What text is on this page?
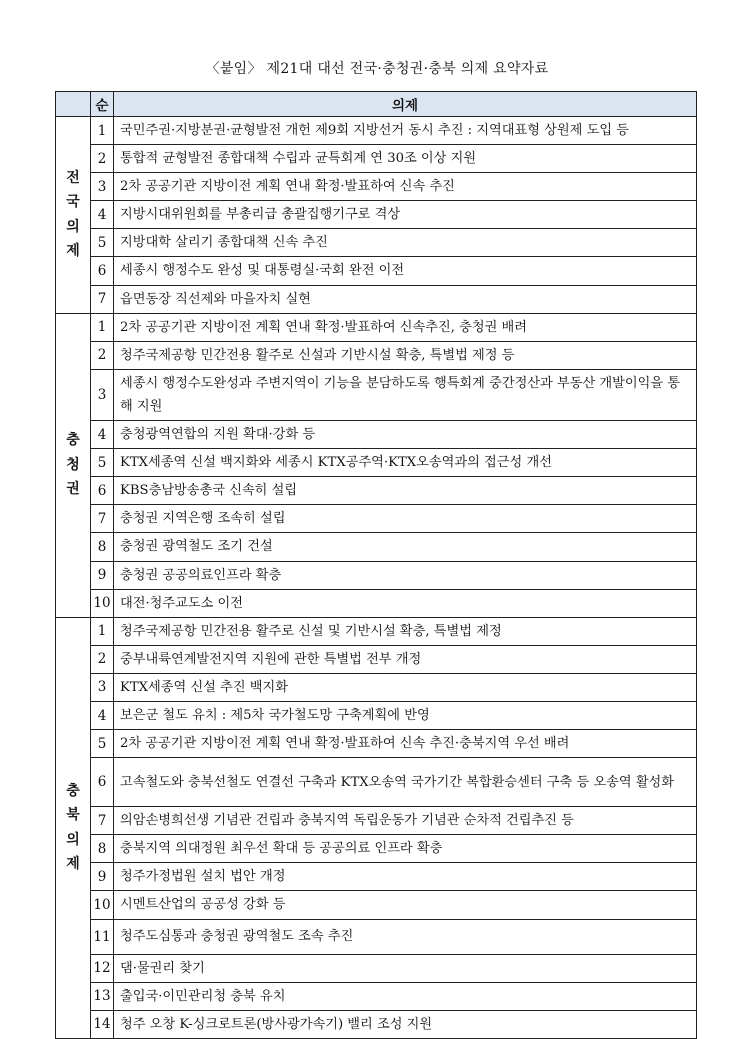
〈붙임〉 제21대 대선 전국·충청권·충북 의제 요약자료
	순	의제

전
국
의
제	1	국민주권·지방분권·균형발전 개헌 제9회 지방선거 동시 추진 : 지역대표형 상원제 도입 등
	2	통합적 균형발전 종합대책 수립과 균특회계 연 30조 이상 지원
	3	2차 공공기관 지방이전 계획 연내 확정·발표하여 신속 추진
	4	지방시대위원회를 부총리급 총괄집행기구로 격상
	5	지방대학 살리기 종합대책 신속 추진
	6	세종시 행정수도 완성 및 대통령실·국회 완전 이전
	7	읍면동장 직선제와 마을자치 실현

충
청
권	1	2차 공공기관 지방이전 계획 연내 확정·발표하여 신속추진, 충청권 배려
	2	청주국제공항 민간전용 활주로 신설과 기반시설 확충, 특별법 제정 등
	3	세종시 행정수도완성과 주변지역이 기능을 분담하도록 행특회계 중간정산과 부동산 개발이익을 통해 지원
	4	충청광역연합의 지원 확대·강화 등
	5	KTX세종역 신설 백지화와 세종시 KTX공주역·KTX오송역과의 접근성 개선
	6	KBS충남방송총국 신속히 설립
	7	충청권 지역은행 조속히 설립
	8	충청권 광역철도 조기 건설
	9	충청권 공공의료인프라 확충
	10	대전·청주교도소 이전

충
북
의
제	1	청주국제공항 민간전용 활주로 신설 및 기반시설 확충, 특별법 제정
	2	중부내륙연계발전지역 지원에 관한 특별법 전부 개정
	3	KTX세종역 신설 추진 백지화
	4	보은군 철도 유치 : 제5차 국가철도망 구축계획에 반영
	5	2차 공공기관 지방이전 계획 연내 확정·발표하여 신속 추진·충북지역 우선 배려
	6	고속철도와 충북선철도 연결선 구축과 KTX오송역 국가기간 복합환승센터 구축 등 오송역 활성화
	7	의암손병희선생 기념관 건립과 충북지역 독립운동가 기념관 순차적 건립추진 등
	8	충북지역 의대정원 최우선 확대 등 공공의료 인프라 확충
	9	청주가정법원 설치 법안 개정
	10	시멘트산업의 공공성 강화 등
	11	청주도심통과 충청권 광역철도 조속 추진
	12	댐·물권리 찾기
	13	출입국·이민관리청 충북 유치
	14	청주 오창 K-싱크로트론(방사광가속기) 밸리 조성 지원
